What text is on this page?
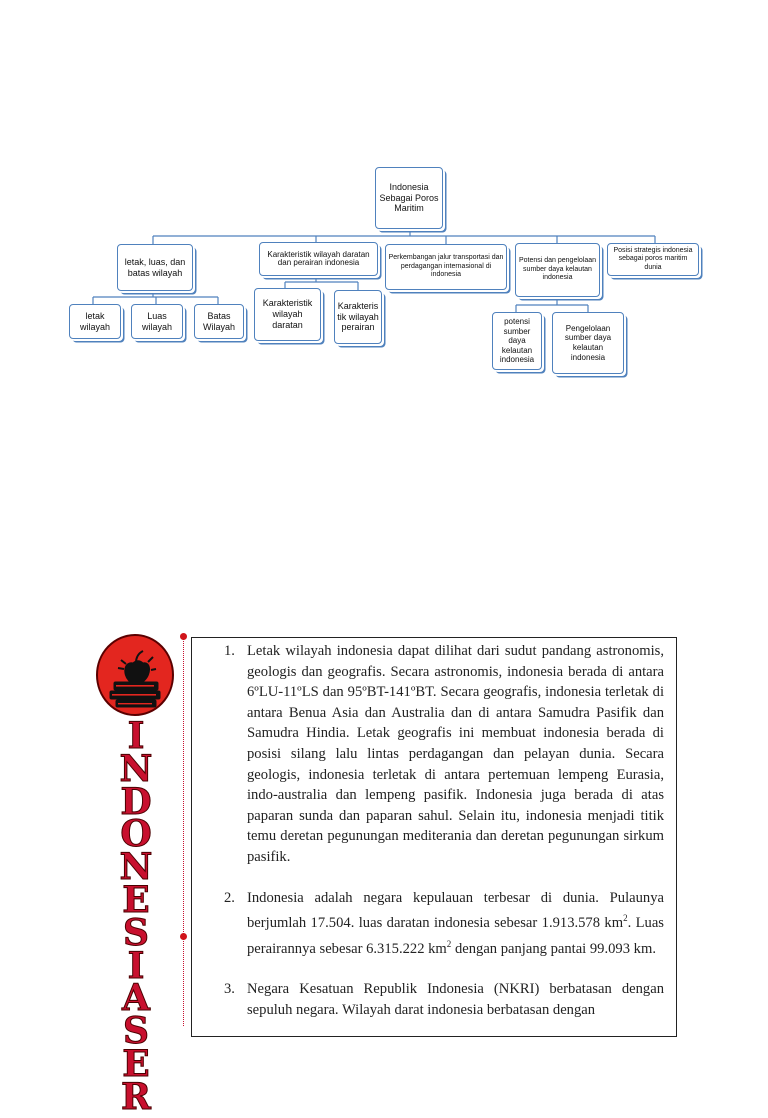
Indonesia Sebagai Poros Maritim
letak, luas, dan batas wilayah
Karakteristik wilayah daratan dan perairan indonesia
Perkembangan jalur transportasi dan perdagangan internasional di indonesia
Potensi dan pengelolaan sumber daya kelautan indonesia
Posisi strategis indonesia sebagai poros maritim dunia
letak wilayah
Luas wilayah
Batas Wilayah
Karakteristik wilayah daratan
Karakteris tik wilayah perairan
potensi sumber daya kelautan indonesia
Pengelolaan sumber daya kelautan indonesia
I
N
D
O
N
E
S
I
A
S
E
R
1. Letak wilayah indonesia dapat dilihat dari sudut pandang astronomis, geologis dan geografis. Secara astronomis, indonesia berada di antara 6ºLU-11ºLS dan 95ºBT-141ºBT. Secara geografis, indonesia terletak di antara Benua Asia dan Australia dan di antara Samudra Pasifik dan Samudra Hindia. Letak geografis ini membuat indonesia berada di posisi silang lalu lintas perdagangan dan pelayan dunia. Secara geologis, indonesia terletak di antara pertemuan lempeng Eurasia, indo-australia dan lempeng pasifik. Indonesia juga berada di atas paparan sunda dan paparan sahul. Selain itu, indonesia menjadi titik temu deretan pegunungan mediterania dan deretan pegunungan sirkum pasifik.
2. Indonesia adalah negara kepulauan terbesar di dunia. Pulaunya berjumlah 17.504. luas daratan indonesia sebesar 1.913.578 $km^2$. Luas perairannya sebesar 6.315.222 $km^2$ dengan panjang pantai 99.093 km.
3. Negara Kesatuan Republik Indonesia (NKRI) berbatasan dengan sepuluh negara. Wilayah darat indonesia berbatasan dengan
